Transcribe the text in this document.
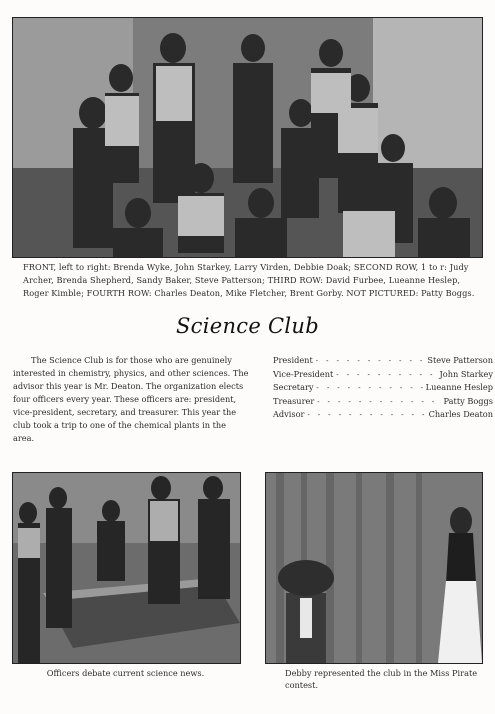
FRONT, left to right: Brenda Wyke, John Starkey, Larry Virden, Debbie Doak; SECOND ROW, 1 to r: Judy Archer, Brenda Shepherd, Sandy Baker, Steve Patterson; THIRD ROW: David Furbee, Lueanne Heslep, Roger Kimble; FOURTH ROW: Charles Deaton, Mike Fletcher, Brent Gorby. NOT PICTURED: Patty Boggs.
Science Club

The Science Club is for those who are genuinely interested in chemistry, physics, and other sciences. The advisor this year is Mr. Deaton. The organization elects four officers every year. These officers are: president, vice-president, secretary, and treasurer. This year the club took a trip to one of the chemical plants in the area.

President - - -	Steve Patterson
Vice-President - - -	John Starkey
Secretary - - -	Lueanne Heslep
Treasurer - - -	Patty Boggs
Advisor - - -	Charles Deaton
Officers debate current science news.	Debby represented the club in the Miss Pirate contest.
